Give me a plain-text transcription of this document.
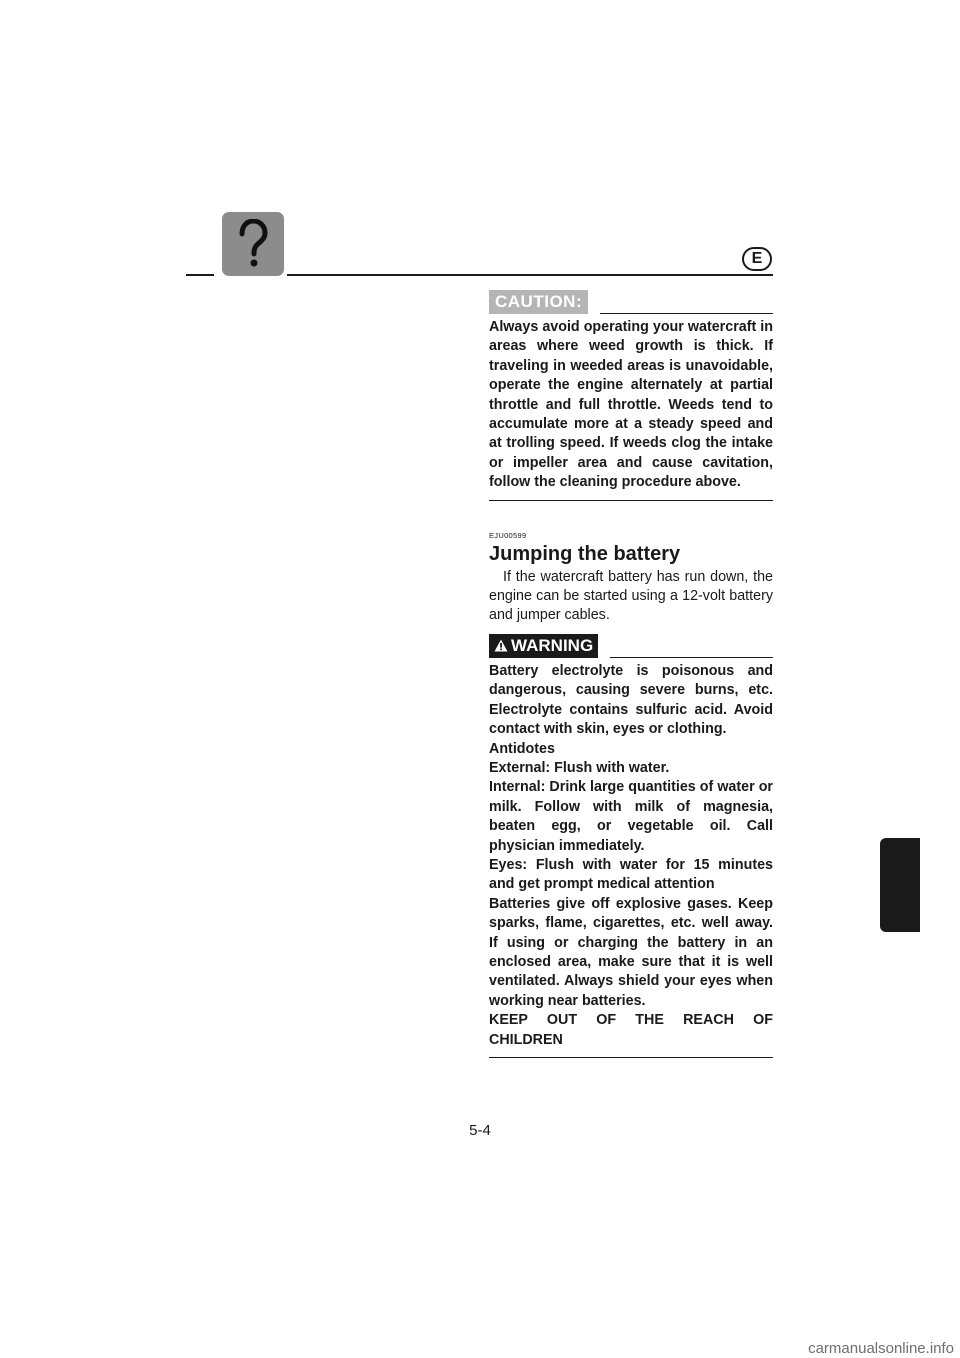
E
CAUTION:

Always avoid operating your watercraft in areas where weed growth is thick. If traveling in weeded areas is unavoidable, operate the engine alternately at partial throttle and full throttle. Weeds tend to accumulate more at a steady speed and at trolling speed. If weeds clog the intake or impeller area and cause cavitation, follow the cleaning procedure above.

EJU00599
Jumping the battery

If the watercraft battery has run down, the engine can be started using a 12-volt battery and jumper cables.

WARNING

Battery electrolyte is poisonous and dangerous, causing severe burns, etc. Electrolyte contains sulfuric acid. Avoid contact with skin, eyes or clothing.

Antidotes

External: Flush with water.

Internal: Drink large quantities of water or milk. Follow with milk of magnesia, beaten egg, or vegetable oil. Call physician immediately.

Eyes: Flush with water for 15 minutes and get prompt medical attention

Batteries give off explosive gases. Keep sparks, flame, cigarettes, etc. well away. If using or charging the battery in an enclosed area, make sure that it is well ventilated. Always shield your eyes when working near batteries.

KEEP OUT OF THE REACH OF CHILDREN

5-4
carmanualsonline.info
